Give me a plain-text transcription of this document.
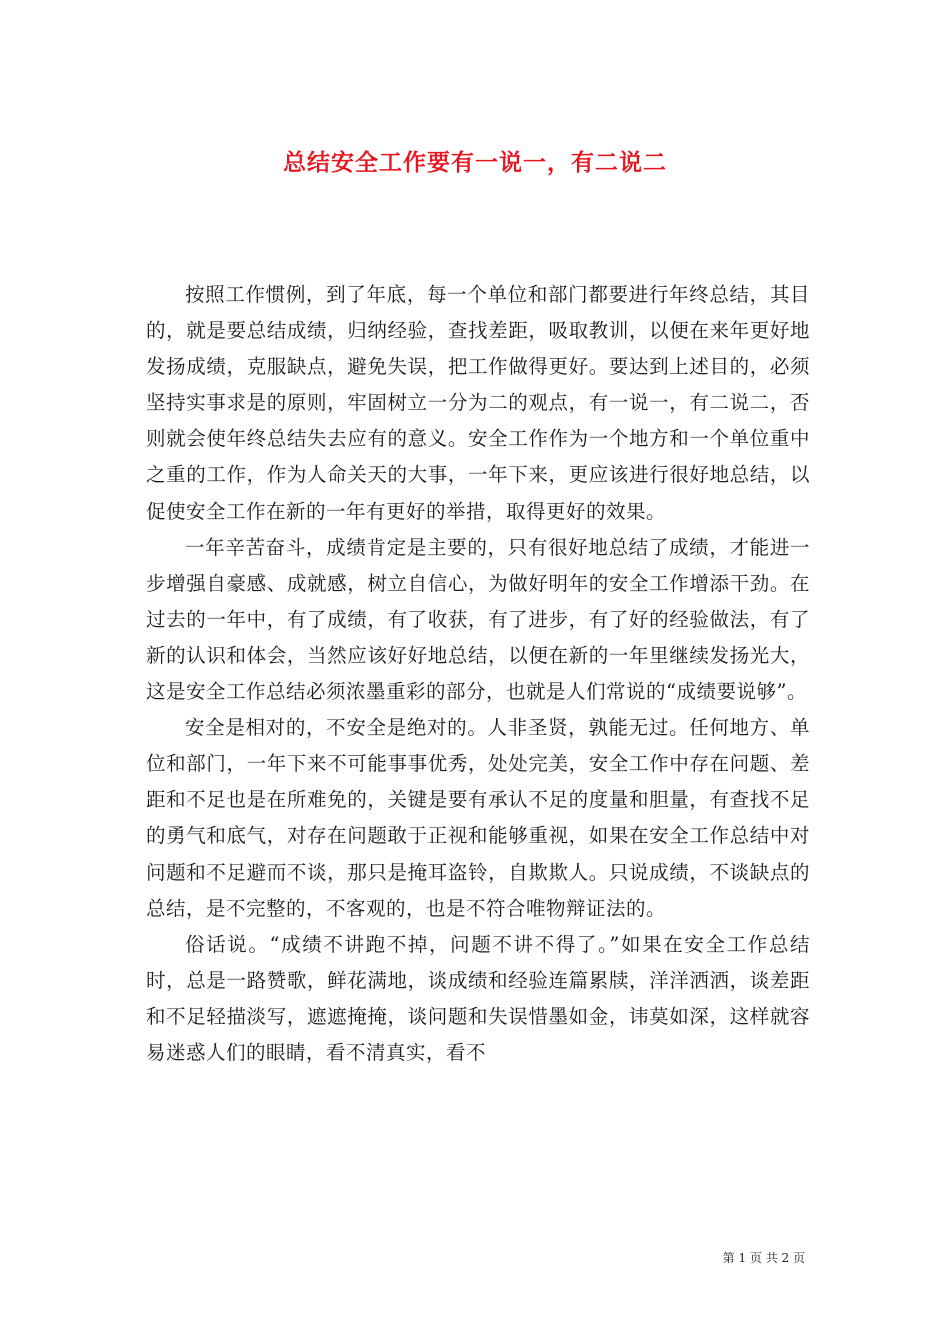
总结安全工作要有一说一，有二说二

按照工作惯例，到了年底，每一个单位和部门都要进行年终总结，其目的，就是要总结成绩，归纳经验，查找差距，吸取教训，以便在来年更好地发扬成绩，克服缺点，避免失误，把工作做得更好。要达到上述目的，必须坚持实事求是的原则，牢固树立一分为二的观点，有一说一，有二说二，否则就会使年终总结失去应有的意义。安全工作作为一个地方和一个单位重中之重的工作，作为人命关天的大事，一年下来，更应该进行很好地总结，以促使安全工作在新的一年有更好的举措，取得更好的效果。

一年辛苦奋斗，成绩肯定是主要的，只有很好地总结了成绩，才能进一步增强自豪感、成就感，树立自信心，为做好明年的安全工作增添干劲。在过去的一年中，有了成绩，有了收获，有了进步，有了好的经验做法，有了新的认识和体会，当然应该好好地总结，以便在新的一年里继续发扬光大，这是安全工作总结必须浓墨重彩的部分，也就是人们常说的“成绩要说够”。

安全是相对的，不安全是绝对的。人非圣贤，孰能无过。任何地方、单位和部门，一年下来不可能事事优秀，处处完美，安全工作中存在问题、差距和不足也是在所难免的，关键是要有承认不足的度量和胆量，有查找不足的勇气和底气，对存在问题敢于正视和能够重视，如果在安全工作总结中对问题和不足避而不谈，那只是掩耳盗铃，自欺欺人。只说成绩，不谈缺点的总结，是不完整的，不客观的，也是不符合唯物辩证法的。

俗话说。“成绩不讲跑不掉，问题不讲不得了。”如果在安全工作总结时，总是一路赞歌，鲜花满地，谈成绩和经验连篇累牍，洋洋洒洒，谈差距和不足轻描淡写，遮遮掩掩，谈问题和失误惜墨如金，讳莫如深，这样就容易迷惑人们的眼睛，看不清真实，看不

第 1 页 共 2 页
